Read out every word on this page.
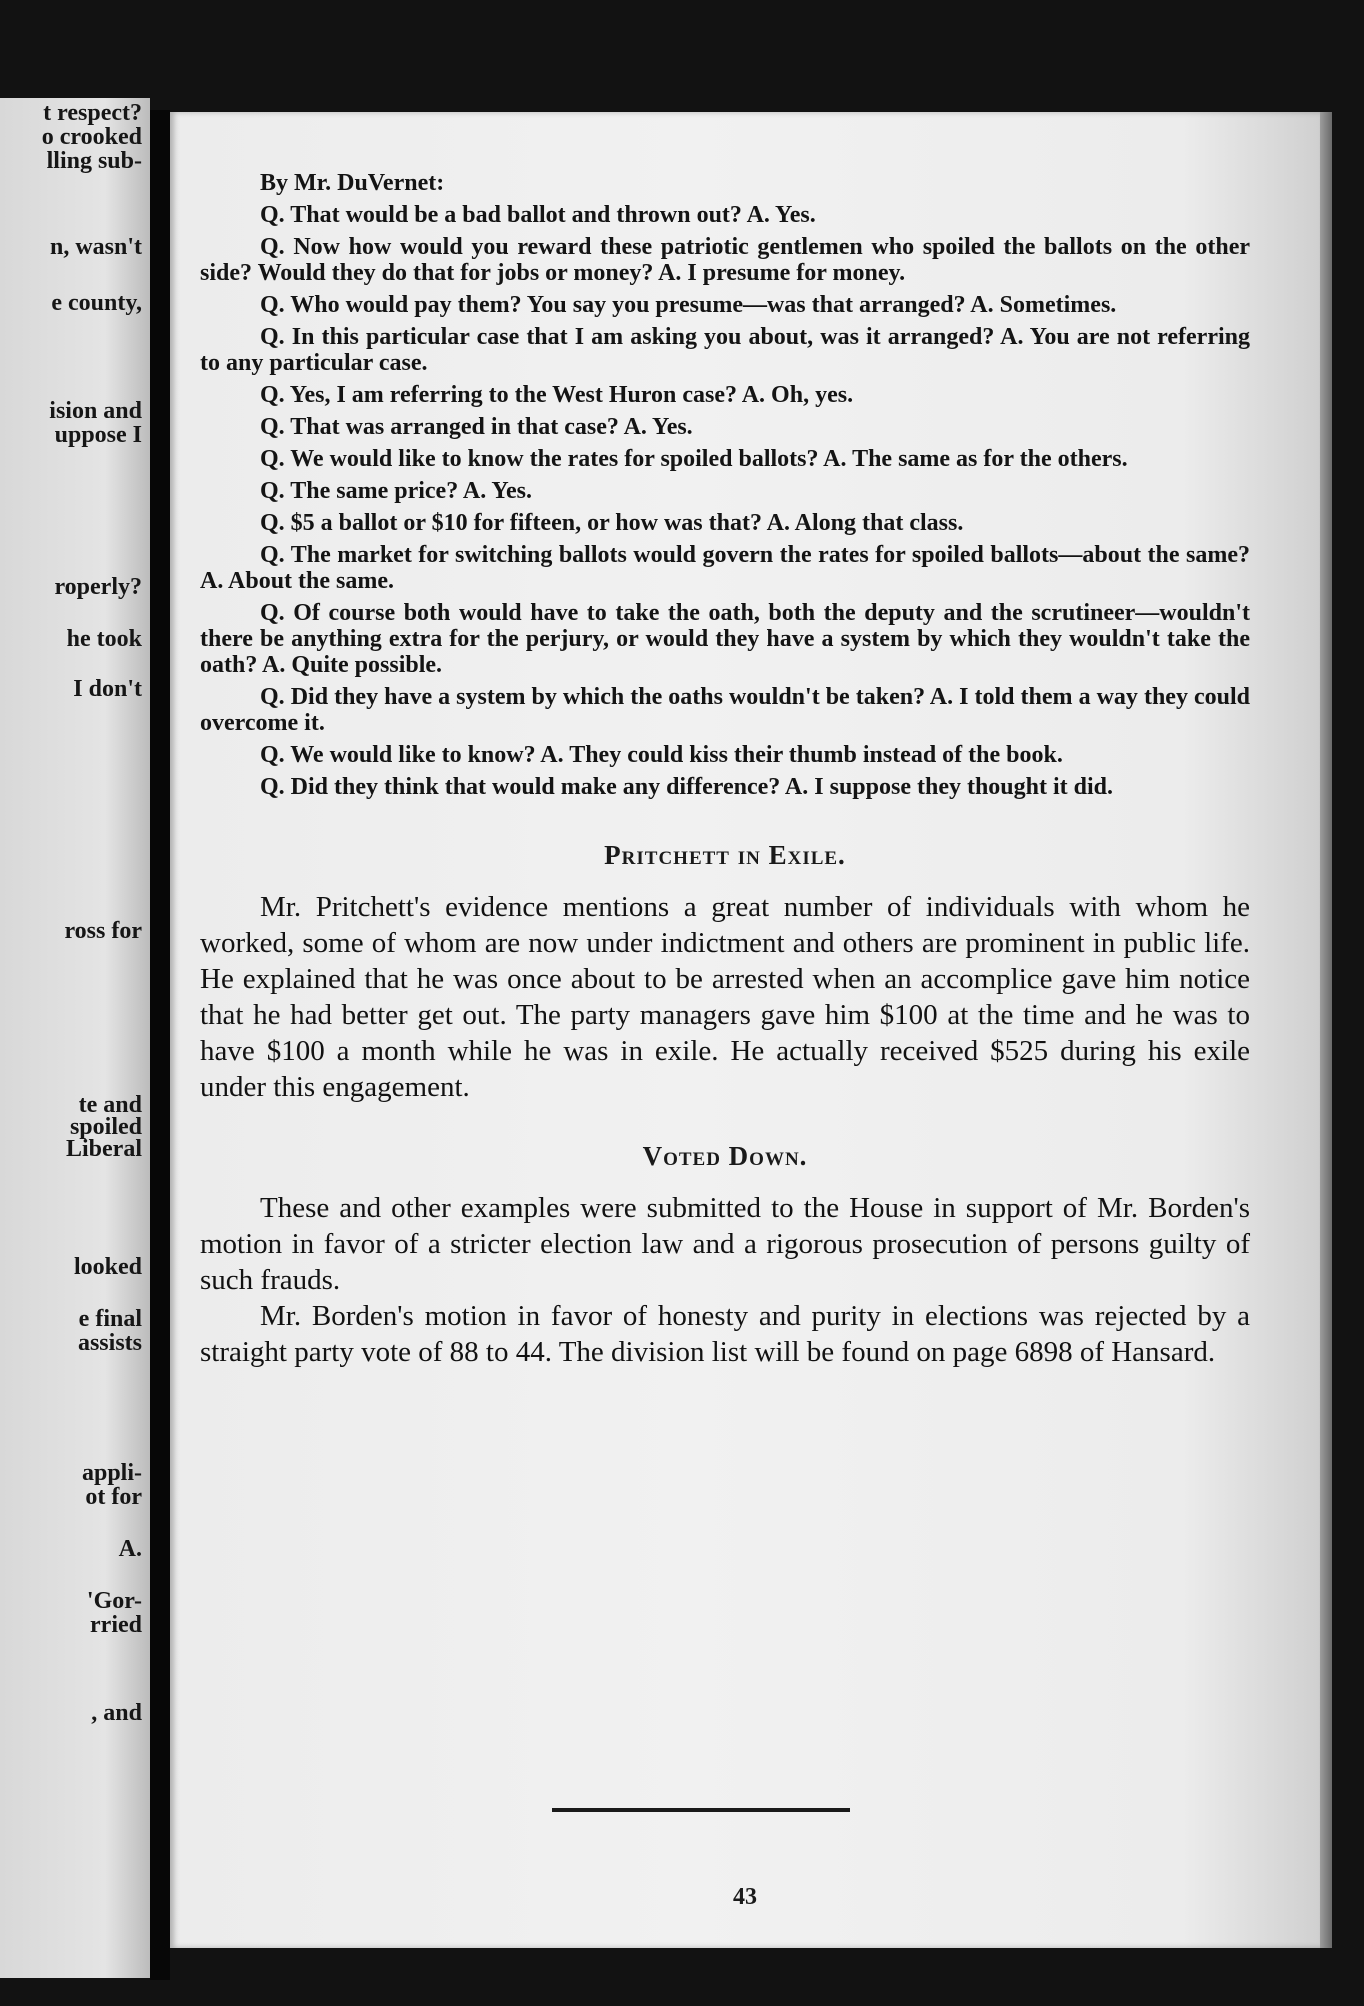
t respect?
o crooked
lling sub-
n, wasn't
e county,
ision and
uppose I
roperly?
he took
I don't
ross for
te and
spoiled
Liberal
looked
e final
assists
appli-
ot for
A.
'Gor-
rried
, and

By Mr. DuVernet:

Q. That would be a bad ballot and thrown out? A. Yes.

Q. Now how would you reward these patriotic gentlemen who spoiled the ballots on the other side? Would they do that for jobs or money? A. I presume for money.

Q. Who would pay them? You say you presume—was that arranged? A. Sometimes.

Q. In this particular case that I am asking you about, was it arranged? A. You are not referring to any particular case.

Q. Yes, I am referring to the West Huron case? A. Oh, yes.

Q. That was arranged in that case? A. Yes.

Q. We would like to know the rates for spoiled ballots? A. The same as for the others.

Q. The same price? A. Yes.

Q. $5 a ballot or $10 for fifteen, or how was that? A. Along that class.

Q. The market for switching ballots would govern the rates for spoiled ballots—about the same? A. About the same.

Q. Of course both would have to take the oath, both the deputy and the scrutineer—wouldn't there be anything extra for the perjury, or would they have a system by which they wouldn't take the oath? A. Quite possible.

Q. Did they have a system by which the oaths wouldn't be taken? A. I told them a way they could overcome it.

Q. We would like to know? A. They could kiss their thumb instead of the book.

Q. Did they think that would make any difference? A. I suppose they thought it did.

Pritchett in Exile.

Mr. Pritchett's evidence mentions a great number of individuals with whom he worked, some of whom are now under indictment and others are prominent in public life. He explained that he was once about to be arrested when an accomplice gave him notice that he had better get out. The party managers gave him $100 at the time and he was to have $100 a month while he was in exile. He actually received $525 during his exile under this engagement.

Voted Down.

These and other examples were submitted to the House in support of Mr. Borden's motion in favor of a stricter election law and a rigorous prosecution of persons guilty of such frauds.

Mr. Borden's motion in favor of honesty and purity in elections was rejected by a straight party vote of 88 to 44. The division list will be found on page 6898 of Hansard.

43
